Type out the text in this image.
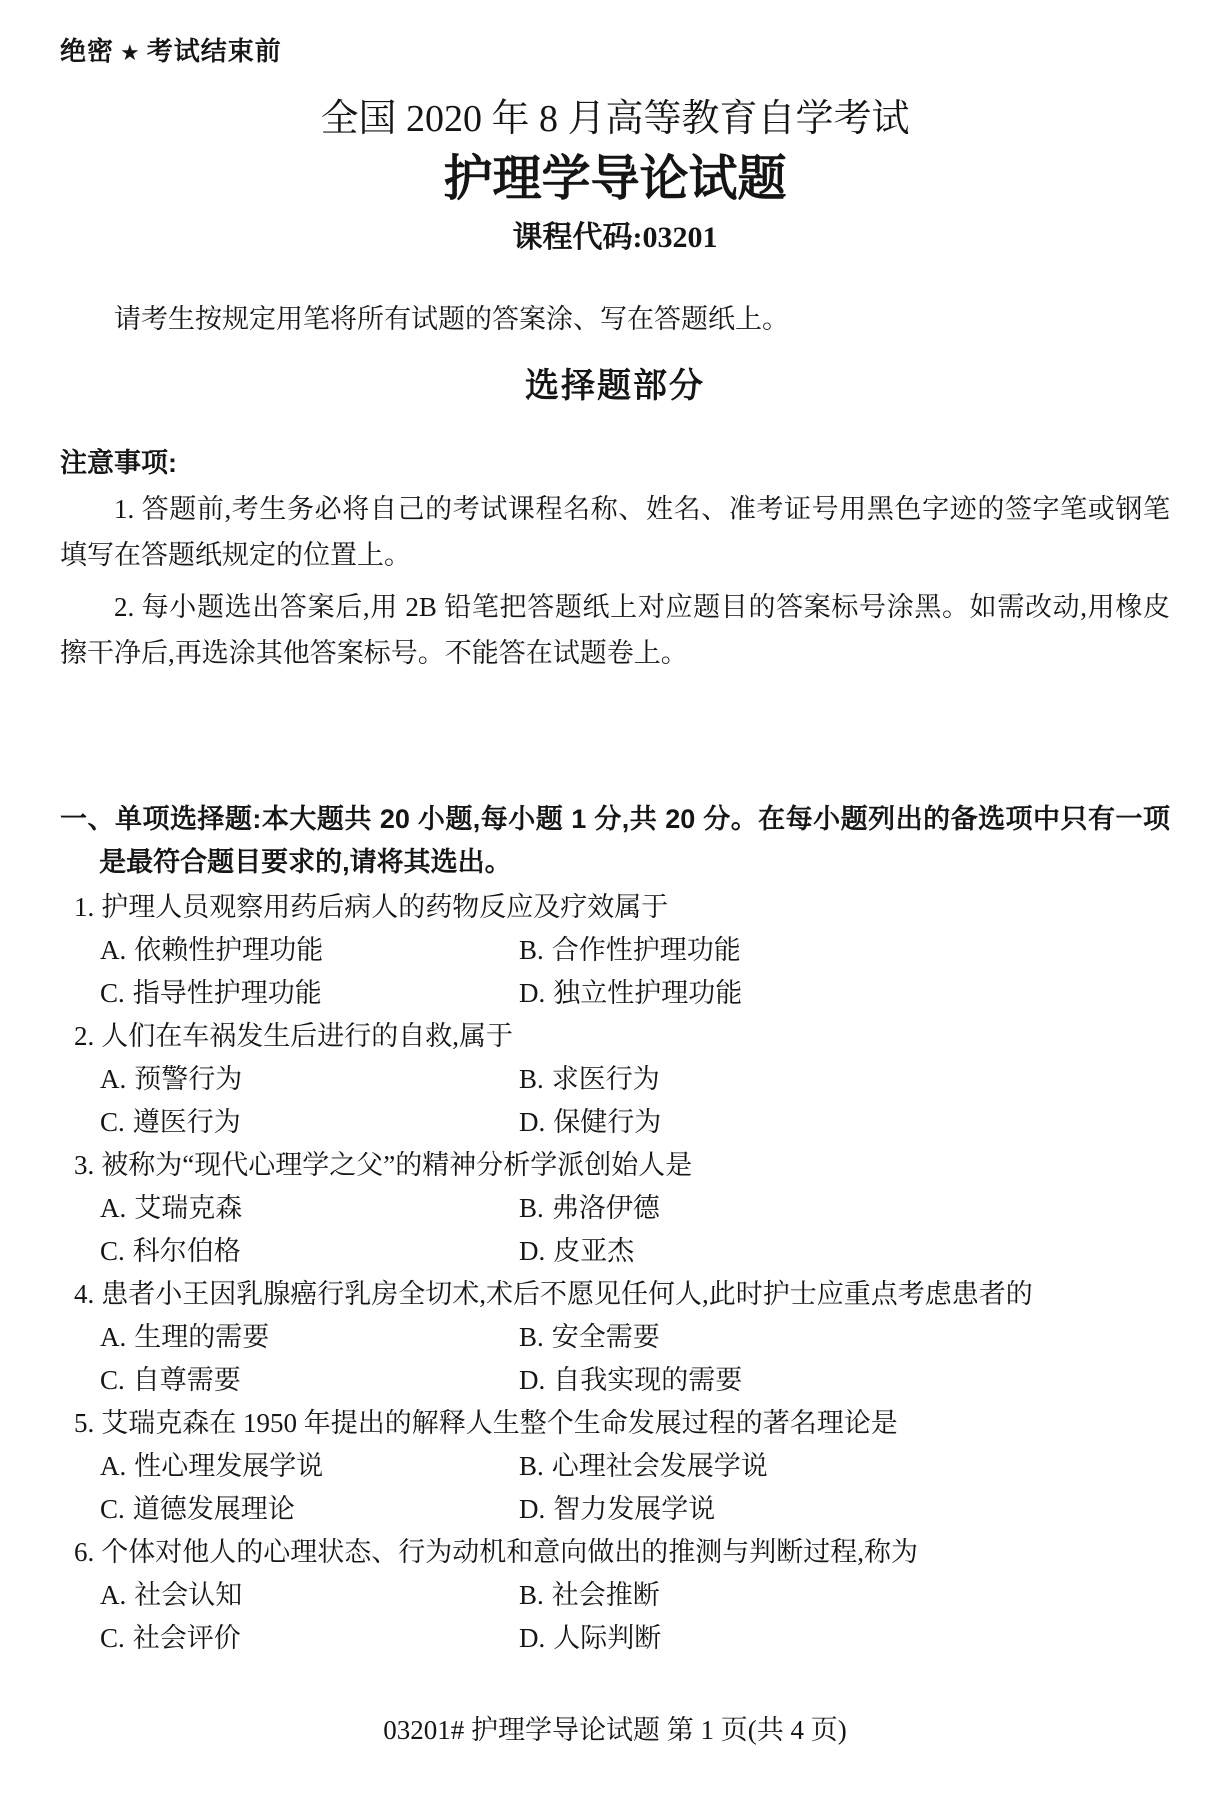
绝密 ★ 考试结束前

全国 2020 年 8 月高等教育自学考试
护理学导论试题
课程代码:03201

请考生按规定用笔将所有试题的答案涂、写在答题纸上。

选择题部分
注意事项:

1. 答题前,考生务必将自己的考试课程名称、姓名、准考证号用黑色字迹的签字笔或钢笔填写在答题纸规定的位置上。

2. 每小题选出答案后,用 2B 铅笔把答题纸上对应题目的答案标号涂黑。如需改动,用橡皮擦干净后,再选涂其他答案标号。不能答在试题卷上。

一、单项选择题:本大题共 20 小题,每小题 1 分,共 20 分。在每小题列出的备选项中只有一项是最符合题目要求的,请将其选出。
1. 护理人员观察用药后病人的药物反应及疗效属于
A. 依赖性护理功能	B. 合作性护理功能
C. 指导性护理功能	D. 独立性护理功能
2. 人们在车祸发生后进行的自救,属于
A. 预警行为	B. 求医行为
C. 遵医行为	D. 保健行为
3. 被称为“现代心理学之父”的精神分析学派创始人是
A. 艾瑞克森	B. 弗洛伊德
C. 科尔伯格	D. 皮亚杰
4. 患者小王因乳腺癌行乳房全切术,术后不愿见任何人,此时护士应重点考虑患者的
A. 生理的需要	B. 安全需要
C. 自尊需要	D. 自我实现的需要
5. 艾瑞克森在 1950 年提出的解释人生整个生命发展过程的著名理论是
A. 性心理发展学说	B. 心理社会发展学说
C. 道德发展理论	D. 智力发展学说
6. 个体对他人的心理状态、行为动机和意向做出的推测与判断过程,称为
A. 社会认知	B. 社会推断
C. 社会评价	D. 人际判断
03201# 护理学导论试题 第 1 页(共 4 页)
